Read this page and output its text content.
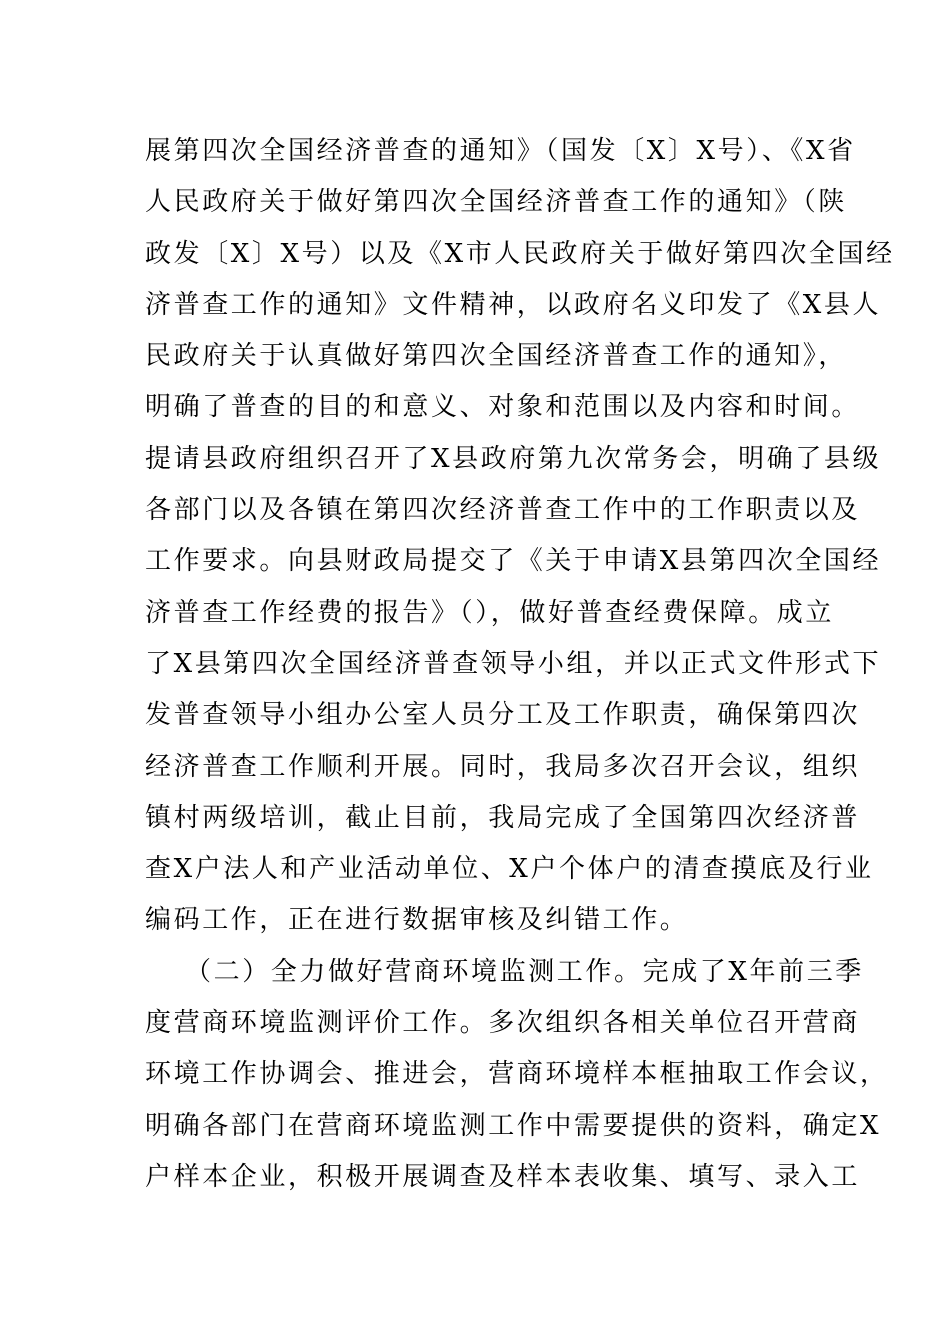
展第四次全国经济普查的通知》（国发〔X〕X号）、《X省
人民政府关于做好第四次全国经济普查工作的通知》（陕
政发〔X〕X号）以及《X市人民政府关于做好第四次全国经
济普查工作的通知》文件精神，以政府名义印发了《X县人
民政府关于认真做好第四次全国经济普查工作的通知》，
明确了普查的目的和意义、对象和范围以及内容和时间。
提请县政府组织召开了X县政府第九次常务会，明确了县级
各部门以及各镇在第四次经济普查工作中的工作职责以及
工作要求。向县财政局提交了《关于申请X县第四次全国经
济普查工作经费的报告》（），做好普查经费保障。成立
了X县第四次全国经济普查领导小组，并以正式文件形式下
发普查领导小组办公室人员分工及工作职责，确保第四次
经济普查工作顺利开展。同时，我局多次召开会议，组织
镇村两级培训，截止目前，我局完成了全国第四次经济普
查X户法人和产业活动单位、X户个体户的清查摸底及行业
编码工作，正在进行数据审核及纠错工作。
（二）全力做好营商环境监测工作。完成了X年前三季
度营商环境监测评价工作。多次组织各相关单位召开营商
环境工作协调会、推进会，营商环境样本框抽取工作会议，
明确各部门在营商环境监测工作中需要提供的资料，确定X
户样本企业，积极开展调查及样本表收集、填写、录入工
